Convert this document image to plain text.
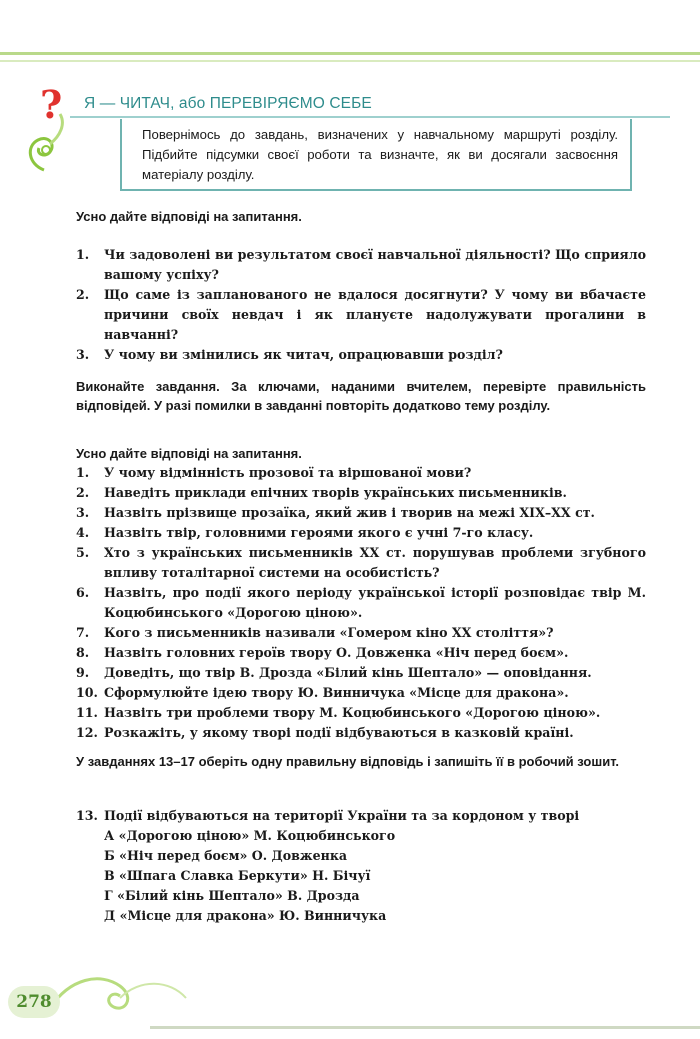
? Я — ЧИТАЧ, або ПЕРЕВІРЯЄМО СЕБЕ
Повернімось до завдань, визначених у навчальному маршруті розділу. Підбийте підсумки своєї роботи та визначте, як ви досягали засвоєння матеріалу розділу.
Усно дайте відповіді на запитання.
1. Чи задоволені ви результатом своєї навчальної діяльності? Що сприяло вашому успіху?
2. Що саме із запланованого не вдалося досягнути? У чому ви вбачаєте причини своїх невдач і як плануєте надолужувати прогалини в навчанні?
3. У чому ви змінились як читач, опрацювавши розділ?
Виконайте завдання. За ключами, наданими вчителем, перевірте правильність відповідей. У разі помилки в завданні повторіть додатково тему розділу.
Усно дайте відповіді на запитання.
1. У чому відмінність прозової та віршованої мови?
2. Наведіть приклади епічних творів українських письменників.
3. Назвіть прізвище прозаїка, який жив і творив на межі XIX–XX ст.
4. Назвіть твір, головними героями якого є учні 7-го класу.
5. Хто з українських письменників XX ст. порушував проблеми згубного впливу тоталітарної системи на особистість?
6. Назвіть, про події якого періоду української історії розповідає твір М. Коцюбинського «Дорогою ціною».
7. Кого з письменників називали «Гомером кіно XX століття»?
8. Назвіть головних героїв твору О. Довженка «Ніч перед боєм».
9. Доведіть, що твір В. Дрозда «Білий кінь Шептало» — оповідання.
10. Сформулюйте ідею твору Ю. Винничука «Місце для дракона».
11. Назвіть три проблеми твору М. Коцюбинського «Дорогою ціною».
12. Розкажіть, у якому творі події відбуваються в казковій країні.
У завданнях 13–17 оберіть одну правильну відповідь і запишіть її в робочий зошит.
13. Події відбуваються на території України та за кордоном у творі
А «Дорогою ціною» М. Коцюбинського
Б «Ніч перед боєм» О. Довженка
В «Шпага Славка Беркути» Н. Бічуї
Г «Білий кінь Шептало» В. Дрозда
Д «Місце для дракона» Ю. Винничука
278
